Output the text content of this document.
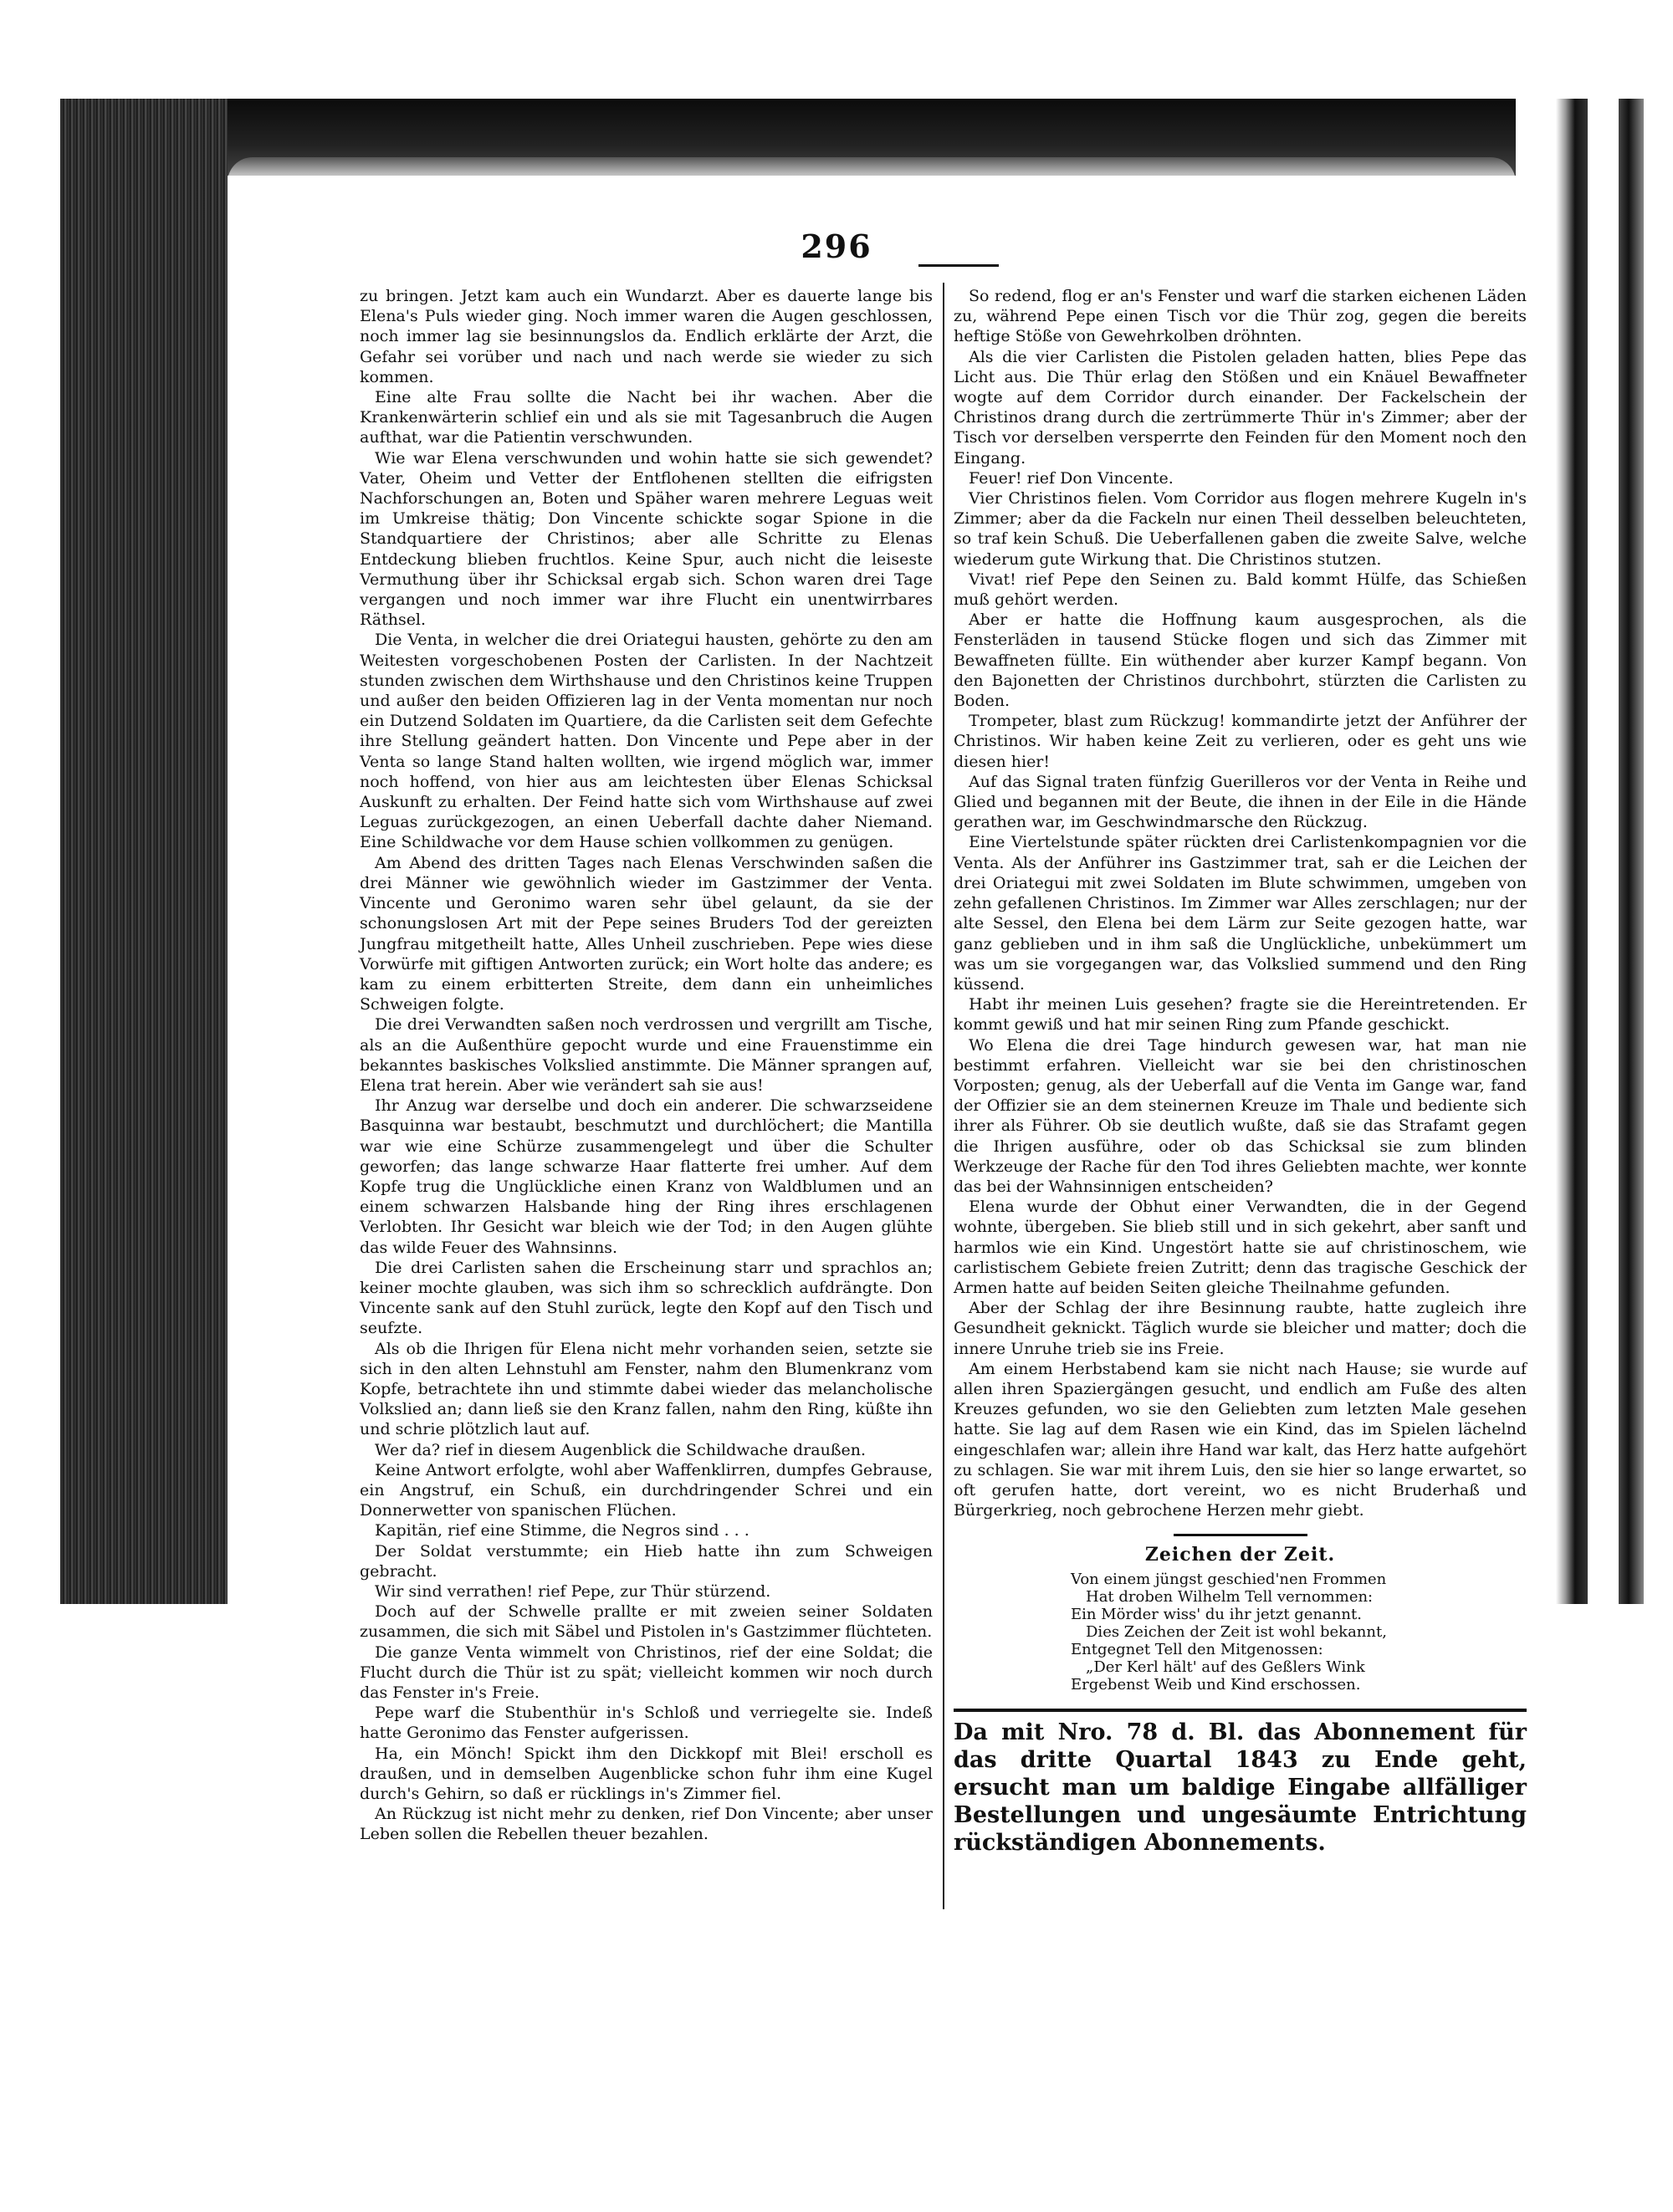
296

zu bringen. Jetzt kam auch ein Wundarzt. Aber es dauerte lange bis Elena's Puls wieder ging. Noch immer waren die Augen geschlossen, noch immer lag sie besinnungslos da. Endlich erklärte der Arzt, die Gefahr sei vorüber und nach und nach werde sie wieder zu sich kommen.

Eine alte Frau sollte die Nacht bei ihr wachen. Aber die Krankenwärterin schlief ein und als sie mit Tagesanbruch die Augen aufthat, war die Patientin verschwunden.

Wie war Elena verschwunden und wohin hatte sie sich gewendet? Vater, Oheim und Vetter der Entflohenen stellten die eifrigsten Nachforschungen an, Boten und Späher waren mehrere Leguas weit im Umkreise thätig; Don Vincente schickte sogar Spione in die Standquartiere der Christinos; aber alle Schritte zu Elenas Entdeckung blieben fruchtlos. Keine Spur, auch nicht die leiseste Vermuthung über ihr Schicksal ergab sich. Schon waren drei Tage vergangen und noch immer war ihre Flucht ein unentwirrbares Räthsel.

Die Venta, in welcher die drei Oriategui hausten, gehörte zu den am Weitesten vorgeschobenen Posten der Carlisten. In der Nachtzeit stunden zwischen dem Wirthshause und den Christinos keine Truppen und außer den beiden Offizieren lag in der Venta momentan nur noch ein Dutzend Soldaten im Quartiere, da die Carlisten seit dem Gefechte ihre Stellung geändert hatten. Don Vincente und Pepe aber in der Venta so lange Stand halten wollten, wie irgend möglich war, immer noch hoffend, von hier aus am leichtesten über Elenas Schicksal Auskunft zu erhalten. Der Feind hatte sich vom Wirthshause auf zwei Leguas zurückgezogen, an einen Ueberfall dachte daher Niemand. Eine Schildwache vor dem Hause schien vollkommen zu genügen.

Am Abend des dritten Tages nach Elenas Verschwinden saßen die drei Männer wie gewöhnlich wieder im Gastzimmer der Venta. Vincente und Geronimo waren sehr übel gelaunt, da sie der schonungslosen Art mit der Pepe seines Bruders Tod der gereizten Jungfrau mitgetheilt hatte, Alles Unheil zuschrieben. Pepe wies diese Vorwürfe mit giftigen Antworten zurück; ein Wort holte das andere; es kam zu einem erbitterten Streite, dem dann ein unheimliches Schweigen folgte.

Die drei Verwandten saßen noch verdrossen und vergrillt am Tische, als an die Außenthüre gepocht wurde und eine Frauenstimme ein bekanntes baskisches Volkslied anstimmte. Die Männer sprangen auf, Elena trat herein. Aber wie verändert sah sie aus!

Ihr Anzug war derselbe und doch ein anderer. Die schwarzseidene Basquinna war bestaubt, beschmutzt und durchlöchert; die Mantilla war wie eine Schürze zusammengelegt und über die Schulter geworfen; das lange schwarze Haar flatterte frei umher. Auf dem Kopfe trug die Unglückliche einen Kranz von Waldblumen und an einem schwarzen Halsbande hing der Ring ihres erschlagenen Verlobten. Ihr Gesicht war bleich wie der Tod; in den Augen glühte das wilde Feuer des Wahnsinns.

Die drei Carlisten sahen die Erscheinung starr und sprachlos an; keiner mochte glauben, was sich ihm so schrecklich aufdrängte. Don Vincente sank auf den Stuhl zurück, legte den Kopf auf den Tisch und seufzte.

Als ob die Ihrigen für Elena nicht mehr vorhanden seien, setzte sie sich in den alten Lehnstuhl am Fenster, nahm den Blumenkranz vom Kopfe, betrachtete ihn und stimmte dabei wieder das melancholische Volkslied an; dann ließ sie den Kranz fallen, nahm den Ring, küßte ihn und schrie plötzlich laut auf.

Wer da? rief in diesem Augenblick die Schildwache draußen.

Keine Antwort erfolgte, wohl aber Waffenklirren, dumpfes Gebrause, ein Angstruf, ein Schuß, ein durchdringender Schrei und ein Donnerwetter von spanischen Flüchen.

Kapitän, rief eine Stimme, die Negros sind . . .

Der Soldat verstummte; ein Hieb hatte ihn zum Schweigen gebracht.

Wir sind verrathen! rief Pepe, zur Thür stürzend.

Doch auf der Schwelle prallte er mit zweien seiner Soldaten zusammen, die sich mit Säbel und Pistolen in's Gastzimmer flüchteten.

Die ganze Venta wimmelt von Christinos, rief der eine Soldat; die Flucht durch die Thür ist zu spät; vielleicht kommen wir noch durch das Fenster in's Freie.

Pepe warf die Stubenthür in's Schloß und verriegelte sie. Indeß hatte Geronimo das Fenster aufgerissen.

Ha, ein Mönch! Spickt ihm den Dickkopf mit Blei! erscholl es draußen, und in demselben Augenblicke schon fuhr ihm eine Kugel durch's Gehirn, so daß er rücklings in's Zimmer fiel.

An Rückzug ist nicht mehr zu denken, rief Don Vincente; aber unser Leben sollen die Rebellen theuer bezahlen.

So redend, flog er an's Fenster und warf die starken eichenen Läden zu, während Pepe einen Tisch vor die Thür zog, gegen die bereits heftige Stöße von Gewehrkolben dröhnten.

Als die vier Carlisten die Pistolen geladen hatten, blies Pepe das Licht aus. Die Thür erlag den Stößen und ein Knäuel Bewaffneter wogte auf dem Corridor durch einander. Der Fackelschein der Christinos drang durch die zertrümmerte Thür in's Zimmer; aber der Tisch vor derselben versperrte den Feinden für den Moment noch den Eingang.

Feuer! rief Don Vincente.

Vier Christinos fielen. Vom Corridor aus flogen mehrere Kugeln in's Zimmer; aber da die Fackeln nur einen Theil desselben beleuchteten, so traf kein Schuß. Die Ueberfallenen gaben die zweite Salve, welche wiederum gute Wirkung that. Die Christinos stutzen.

Vivat! rief Pepe den Seinen zu. Bald kommt Hülfe, das Schießen muß gehört werden.

Aber er hatte die Hoffnung kaum ausgesprochen, als die Fensterläden in tausend Stücke flogen und sich das Zimmer mit Bewaffneten füllte. Ein wüthender aber kurzer Kampf begann. Von den Bajonetten der Christinos durchbohrt, stürzten die Carlisten zu Boden.

Trompeter, blast zum Rückzug! kommandirte jetzt der Anführer der Christinos. Wir haben keine Zeit zu verlieren, oder es geht uns wie diesen hier!

Auf das Signal traten fünfzig Guerilleros vor der Venta in Reihe und Glied und begannen mit der Beute, die ihnen in der Eile in die Hände gerathen war, im Geschwindmarsche den Rückzug.

Eine Viertelstunde später rückten drei Carlistenkompagnien vor die Venta. Als der Anführer ins Gastzimmer trat, sah er die Leichen der drei Oriategui mit zwei Soldaten im Blute schwimmen, umgeben von zehn gefallenen Christinos. Im Zimmer war Alles zerschlagen; nur der alte Sessel, den Elena bei dem Lärm zur Seite gezogen hatte, war ganz geblieben und in ihm saß die Unglückliche, unbekümmert um was um sie vorgegangen war, das Volkslied summend und den Ring küssend.

Habt ihr meinen Luis gesehen? fragte sie die Hereintretenden. Er kommt gewiß und hat mir seinen Ring zum Pfande geschickt.

Wo Elena die drei Tage hindurch gewesen war, hat man nie bestimmt erfahren. Vielleicht war sie bei den christinoschen Vorposten; genug, als der Ueberfall auf die Venta im Gange war, fand der Offizier sie an dem steinernen Kreuze im Thale und bediente sich ihrer als Führer. Ob sie deutlich wußte, daß sie das Strafamt gegen die Ihrigen ausführe, oder ob das Schicksal sie zum blinden Werkzeuge der Rache für den Tod ihres Geliebten machte, wer konnte das bei der Wahnsinnigen entscheiden?

Elena wurde der Obhut einer Verwandten, die in der Gegend wohnte, übergeben. Sie blieb still und in sich gekehrt, aber sanft und harmlos wie ein Kind. Ungestört hatte sie auf christinoschem, wie carlistischem Gebiete freien Zutritt; denn das tragische Geschick der Armen hatte auf beiden Seiten gleiche Theilnahme gefunden.

Aber der Schlag der ihre Besinnung raubte, hatte zugleich ihre Gesundheit geknickt. Täglich wurde sie bleicher und matter; doch die innere Unruhe trieb sie ins Freie.

Am einem Herbstabend kam sie nicht nach Hause; sie wurde auf allen ihren Spaziergängen gesucht, und endlich am Fuße des alten Kreuzes gefunden, wo sie den Geliebten zum letzten Male gesehen hatte. Sie lag auf dem Rasen wie ein Kind, das im Spielen lächelnd eingeschlafen war; allein ihre Hand war kalt, das Herz hatte aufgehört zu schlagen. Sie war mit ihrem Luis, den sie hier so lange erwartet, so oft gerufen hatte, dort vereint, wo es nicht Bruderhaß und Bürgerkrieg, noch gebrochene Herzen mehr giebt.

Zeichen der Zeit.
Von einem jüngst geschied'nen Frommen
Hat droben Wilhelm Tell vernommen:
Ein Mörder wiss' du ihr jetzt genannt.
Dies Zeichen der Zeit ist wohl bekannt,
Entgegnet Tell den Mitgenossen:
„Der Kerl hält' auf des Geßlers Wink
Ergebenst Weib und Kind erschossen.
Da mit Nro. 78 d. Bl. das Abonnement für das dritte Quartal 1843 zu Ende geht, ersucht man um baldige Eingabe allfälliger Bestellungen und ungesäumte Entrichtung rückständigen Abonnements.
